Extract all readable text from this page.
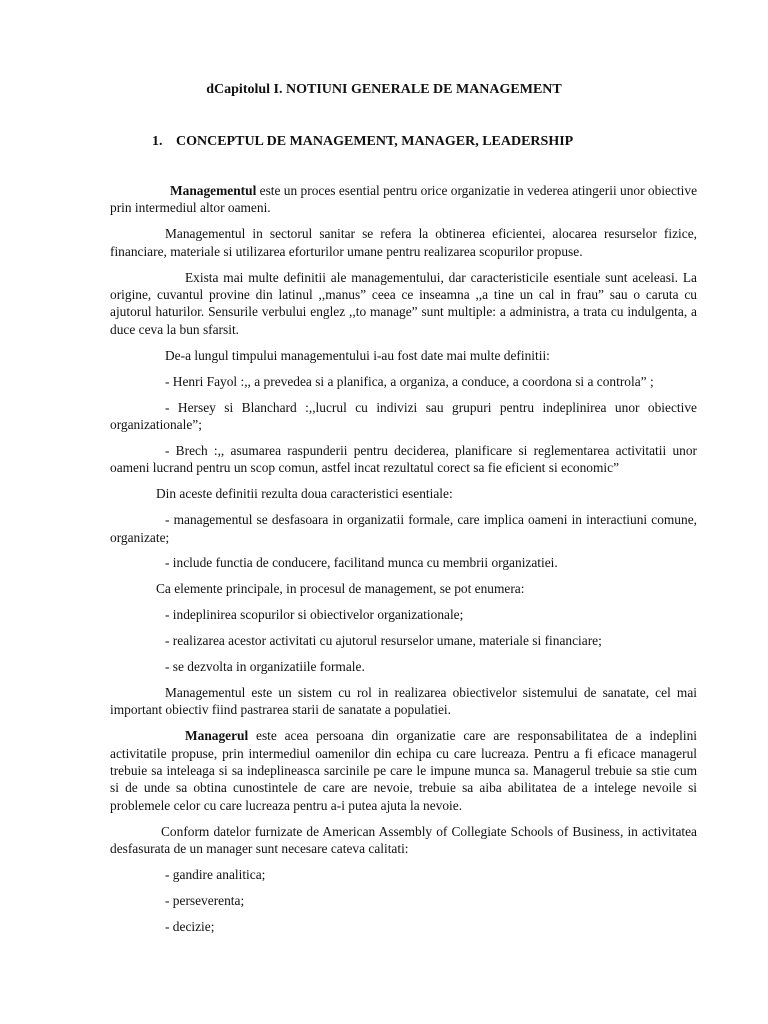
dCapitolul I. NOTIUNI GENERALE DE MANAGEMENT
1. CONCEPTUL DE MANAGEMENT, MANAGER, LEADERSHIP

Managementul este un proces esential pentru orice organizatie in vederea atingerii unor obiective prin intermediul altor oameni.

Managementul in sectorul sanitar se refera la obtinerea eficientei, alocarea resurselor fizice, financiare, materiale si utilizarea eforturilor umane pentru realizarea scopurilor propuse.

Exista mai multe definitii ale managementului, dar caracteristicile esentiale sunt aceleasi. La origine, cuvantul provine din latinul ,,manus” ceea ce inseamna ,,a tine un cal in frau” sau o caruta cu ajutorul haturilor. Sensurile verbului englez ,,to manage” sunt multiple: a administra, a trata cu indulgenta, a duce ceva la bun sfarsit.

De-a lungul timpului managementului i-au fost date mai multe definitii:

- Henri Fayol :,, a prevedea si a planifica, a organiza, a conduce, a coordona si a controla” ;

- Hersey si Blanchard :,,lucrul cu indivizi sau grupuri pentru indeplinirea unor obiective organizationale”;

- Brech :,, asumarea raspunderii pentru deciderea, planificare si reglementarea activitatii unor oameni lucrand pentru un scop comun, astfel incat rezultatul corect sa fie eficient si economic”

Din aceste definitii rezulta doua caracteristici esentiale:

- managementul se desfasoara in organizatii formale, care implica oameni in interactiuni comune, organizate;

- include functia de conducere, facilitand munca cu membrii organizatiei.

Ca elemente principale, in procesul de management, se pot enumera:

- indeplinirea scopurilor si obiectivelor organizationale;

- realizarea acestor activitati cu ajutorul resurselor umane, materiale si financiare;

- se dezvolta in organizatiile formale.

Managementul este un sistem cu rol in realizarea obiectivelor sistemului de sanatate, cel mai important obiectiv fiind pastrarea starii de sanatate a populatiei.

Managerul este acea persoana din organizatie care are responsabilitatea de a indeplini activitatile propuse, prin intermediul oamenilor din echipa cu care lucreaza. Pentru a fi eficace managerul trebuie sa inteleaga si sa indeplineasca sarcinile pe care le impune munca sa. Managerul trebuie sa stie cum si de unde sa obtina cunostintele de care are nevoie, trebuie sa aiba abilitatea de a intelege nevoile si problemele celor cu care lucreaza pentru a-i putea ajuta la nevoie.

Conform datelor furnizate de American Assembly of Collegiate Schools of Business, in activitatea desfasurata de un manager sunt necesare cateva calitati:

- gandire analitica;

- perseverenta;

- decizie;
